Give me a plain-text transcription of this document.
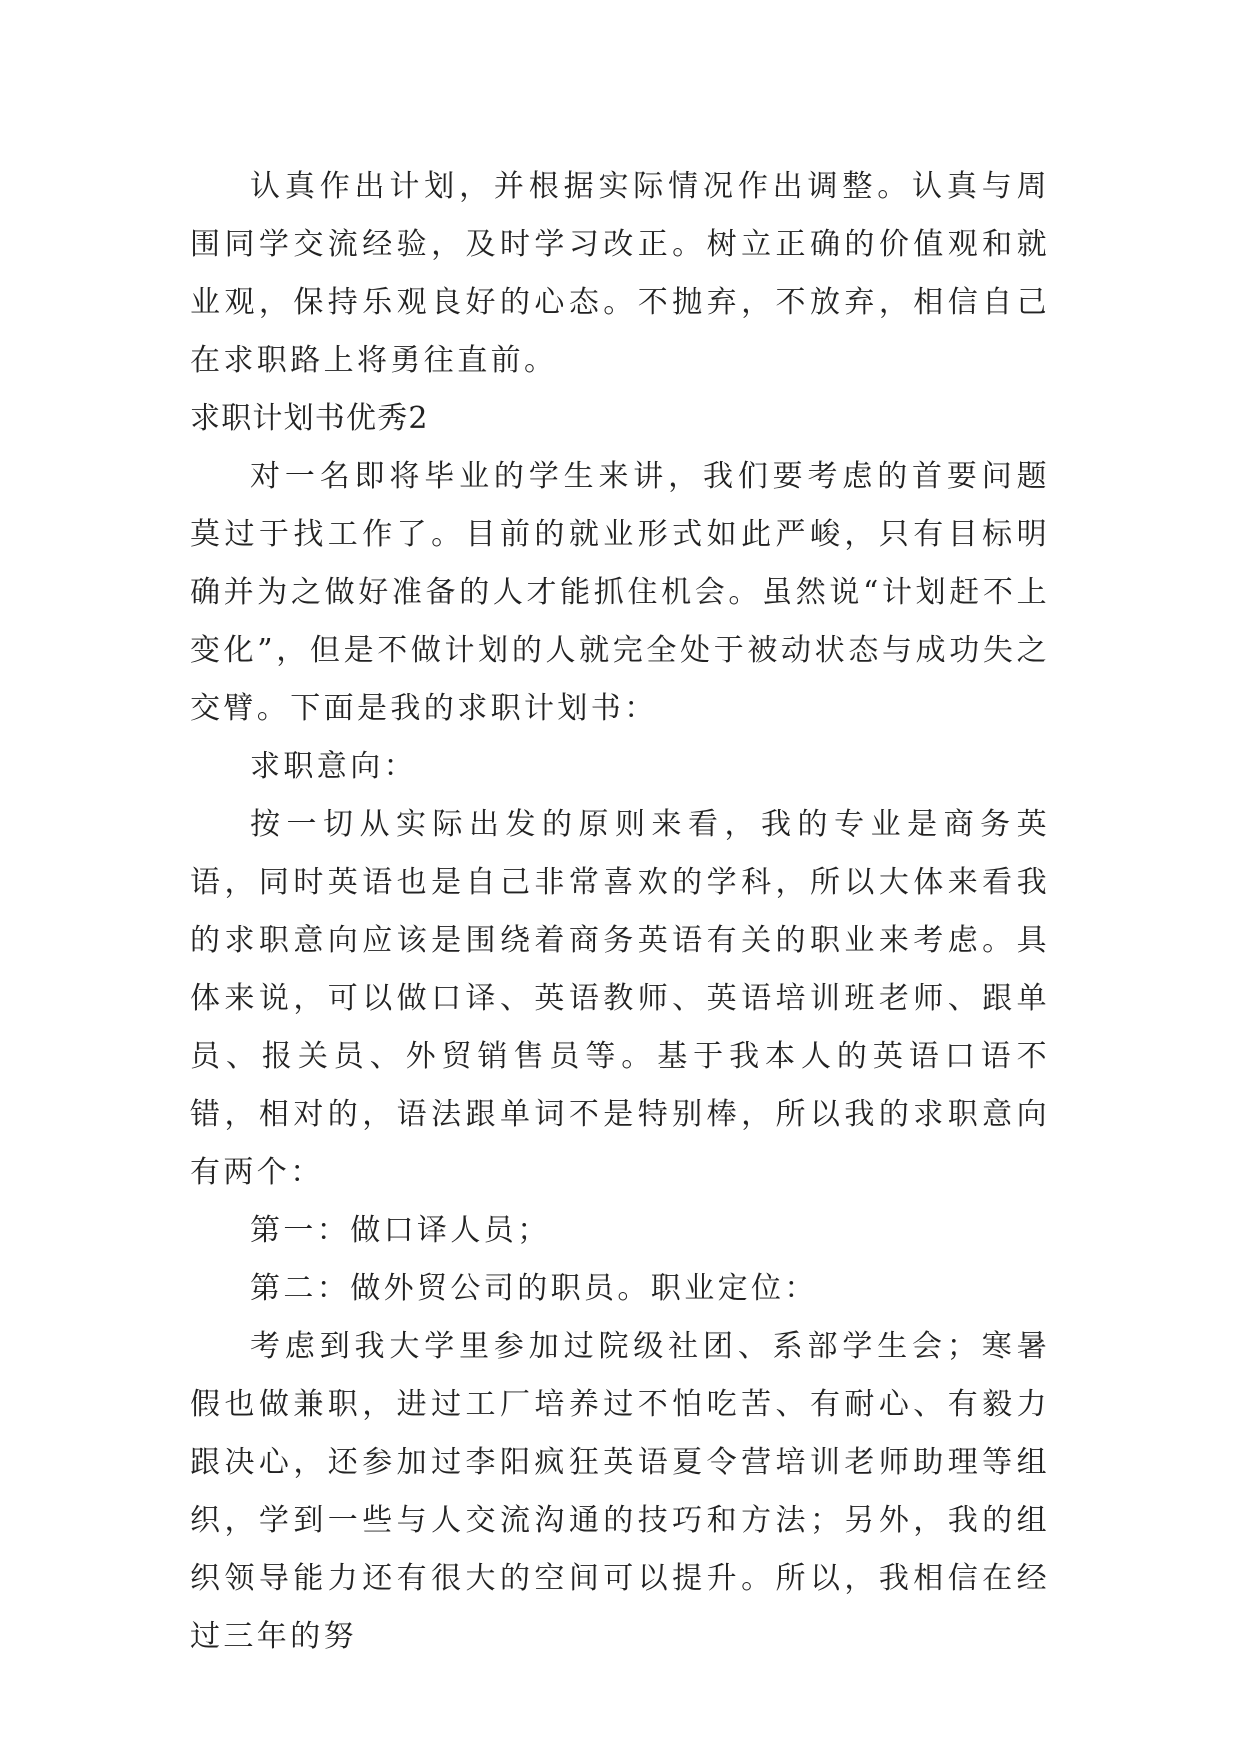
认真作出计划，并根据实际情况作出调整。认真与周围同学交流经验，及时学习改正。树立正确的价值观和就业观，保持乐观良好的心态。不抛弃，不放弃，相信自己在求职路上将勇往直前。

求职计划书优秀2

对一名即将毕业的学生来讲，我们要考虑的首要问题莫过于找工作了。目前的就业形式如此严峻，只有目标明确并为之做好准备的人才能抓住机会。虽然说“计划赶不上变化”，但是不做计划的人就完全处于被动状态与成功失之交臂。下面是我的求职计划书：

求职意向：

按一切从实际出发的原则来看，我的专业是商务英语，同时英语也是自己非常喜欢的学科，所以大体来看我的求职意向应该是围绕着商务英语有关的职业来考虑。具体来说，可以做口译、英语教师、英语培训班老师、跟单员、报关员、外贸销售员等。基于我本人的英语口语不错，相对的，语法跟单词不是特别棒，所以我的求职意向有两个：

第一：做口译人员；

第二：做外贸公司的职员。职业定位：

考虑到我大学里参加过院级社团、系部学生会；寒暑假也做兼职，进过工厂培养过不怕吃苦、有耐心、有毅力跟决心，还参加过李阳疯狂英语夏令营培训老师助理等组织，学到一些与人交流沟通的技巧和方法；另外，我的组织领导能力还有很大的空间可以提升。所以，我相信在经过三年的努
